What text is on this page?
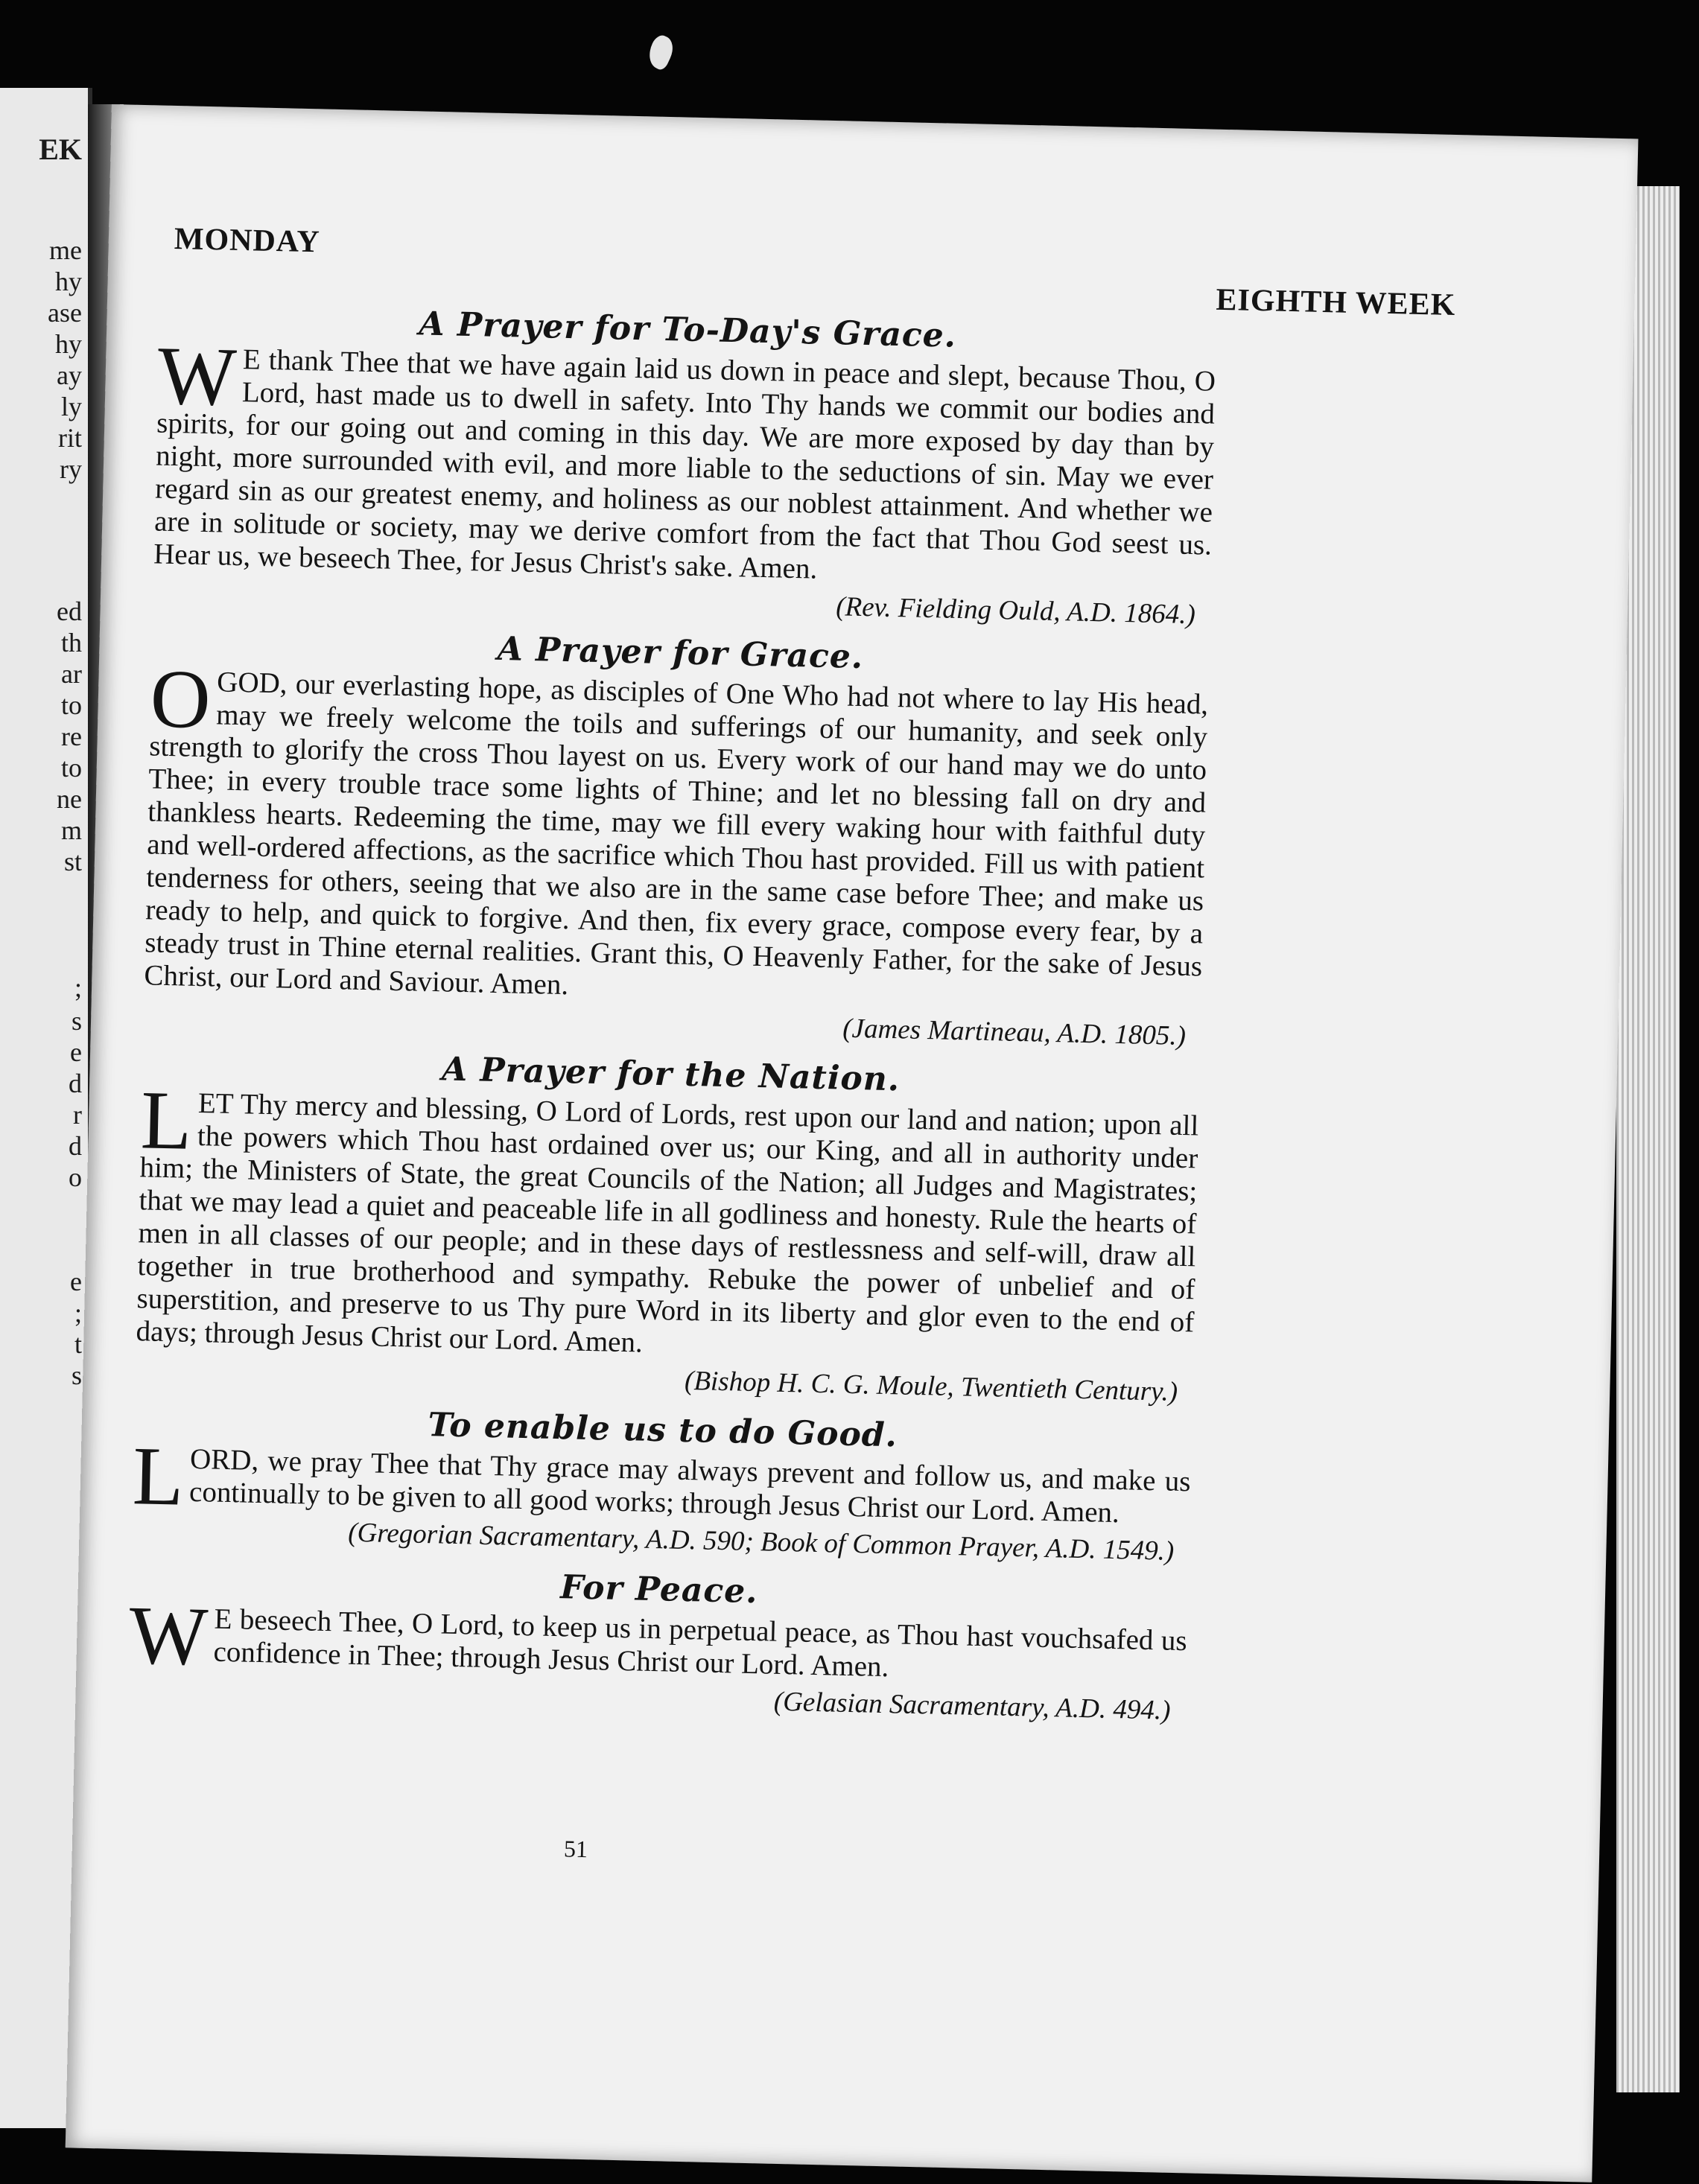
EK
me
hy
ase
hy
ay
ly
rit
ry
ed
th
ar
to
re
to
ne
m
st
;
s
e
d
r
d
o
e
;
t
s
MONDAY
EIGHTH WEEK
A Prayer for To-Day's Grace.

W E thank Thee that we have again laid us down in peace and slept, because Thou, O Lord, hast made us to dwell in safety. Into Thy hands we commit our bodies and spirits, for our going out and coming in this day. We are more exposed by day than by night, more surrounded with evil, and more liable to the seductions of sin. May we ever regard sin as our greatest enemy, and holiness as our noblest attainment. And whether we are in solitude or society, may we derive comfort from the fact that Thou God seest us. Hear us, we beseech Thee, for Jesus Christ's sake. Amen.

(Rev. Fielding Ould, A.D. 1864.)
A Prayer for Grace.

OGOD, our everlasting hope, as disciples of One Who had not where to lay His head, may we freely welcome the toils and sufferings of our humanity, and seek only strength to glorify the cross Thou layest on us. Every work of our hand may we do unto Thee; in every trouble trace some lights of Thine; and let no blessing fall on dry and thankless hearts. Redeeming the time, may we fill every waking hour with faithful duty and well-ordered affections, as the sacrifice which Thou hast provided. Fill us with patient tenderness for others, seeing that we also are in the same case before Thee; and make us ready to help, and quick to forgive. And then, fix every grace, compose every fear, by a steady trust in Thine eternal realities. Grant this, O Heavenly Father, for the sake of Jesus Christ, our Lord and Saviour. Amen.

(James Martineau, A.D. 1805.)
A Prayer for the Nation.

LET Thy mercy and blessing, O Lord of Lords, rest upon our land and nation; upon all the powers which Thou hast ordained over us; our King, and all in authority under him; the Ministers of State, the great Councils of the Nation; all Judges and Magistrates; that we may lead a quiet and peaceable life in all godliness and honesty. Rule the hearts of men in all classes of our people; and in these days of restlessness and self-will, draw all together in true brotherhood and sympathy. Rebuke the power of unbelief and of superstition, and preserve to us Thy pure Word in its liberty and glor even to the end of days; through Jesus Christ our Lord. Amen.

(Bishop H. C. G. Moule, Twentieth Century.)
To enable us to do Good.

LORD, we pray Thee that Thy grace may always prevent and follow us, and make us continually to be given to all good works; through Jesus Christ our Lord. Amen.

(Gregorian Sacramentary, A.D. 590; Book of Common Prayer, A.D. 1549.)
For Peace.

W E beseech Thee, O Lord, to keep us in perpetual peace, as Thou hast vouchsafed us confidence in Thee; through Jesus Christ our Lord. Amen.

(Gelasian Sacramentary, A.D. 494.)
51
